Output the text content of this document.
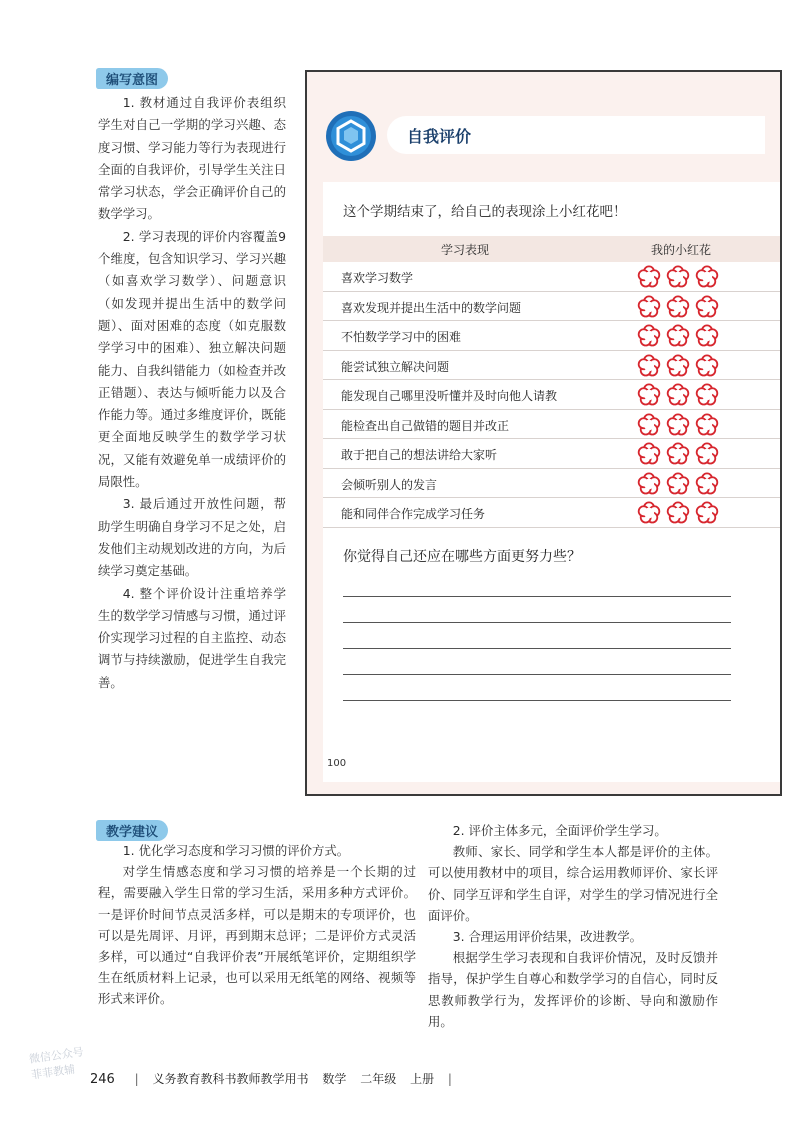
编写意图

1. 教材通过自我评价表组织学生对自己一学期的学习兴趣、态度习惯、学习能力等行为表现进行全面的自我评价，引导学生关注日常学习状态，学会正确评价自己的数学学习。

2. 学习表现的评价内容覆盖9个维度，包含知识学习、学习兴趣（如喜欢学习数学）、问题意识（如发现并提出生活中的数学问题）、面对困难的态度（如克服数学学习中的困难）、独立解决问题能力、自我纠错能力（如检查并改正错题）、表达与倾听能力以及合作能力等。通过多维度评价，既能更全面地反映学生的数学学习状况，又能有效避免单一成绩评价的局限性。

3. 最后通过开放性问题，帮助学生明确自身学习不足之处，启发他们主动规划改进的方向，为后续学习奠定基础。

4. 整个评价设计注重培养学生的数学学习情感与习惯，通过评价实现学习过程的自主监控、动态调节与持续激励，促进学生自我完善。

自我评价
这个学期结束了，给自己的表现涂上小红花吧！
学习表现	我的小红花
喜欢学习数学
喜欢发现并提出生活中的数学问题
不怕数学学习中的困难
能尝试独立解决问题
能发现自己哪里没听懂并及时向他人请教
能检查出自己做错的题目并改正
敢于把自己的想法讲给大家听
会倾听别人的发言
能和同伴合作完成学习任务
你觉得自己还应在哪些方面更努力些？
100
教学建议

1. 优化学习态度和学习习惯的评价方式。

对学生情感态度和学习习惯的培养是一个长期的过程，需要融入学生日常的学习生活，采用多种方式评价。一是评价时间节点灵活多样，可以是期末的专项评价，也可以是先周评、月评，再到期末总评；二是评价方式灵活多样，可以通过“自我评价表”开展纸笔评价，定期组织学生在纸质材料上记录，也可以采用无纸笔的网络、视频等形式来评价。

2. 评价主体多元，全面评价学生学习。

教师、家长、同学和学生本人都是评价的主体。可以使用教材中的项目，综合运用教师评价、家长评价、同学互评和学生自评，对学生的学习情况进行全面评价。

3. 合理运用评价结果，改进教学。

根据学生学习表现和自我评价情况，及时反馈并指导，保护学生自尊心和数学学习的自信心，同时反思教师教学行为，发挥评价的诊断、导向和激励作用。

微信公众号
菲菲教辅	246 | 义务教育教科书教师教学用书 数学 二年级 上册 |
